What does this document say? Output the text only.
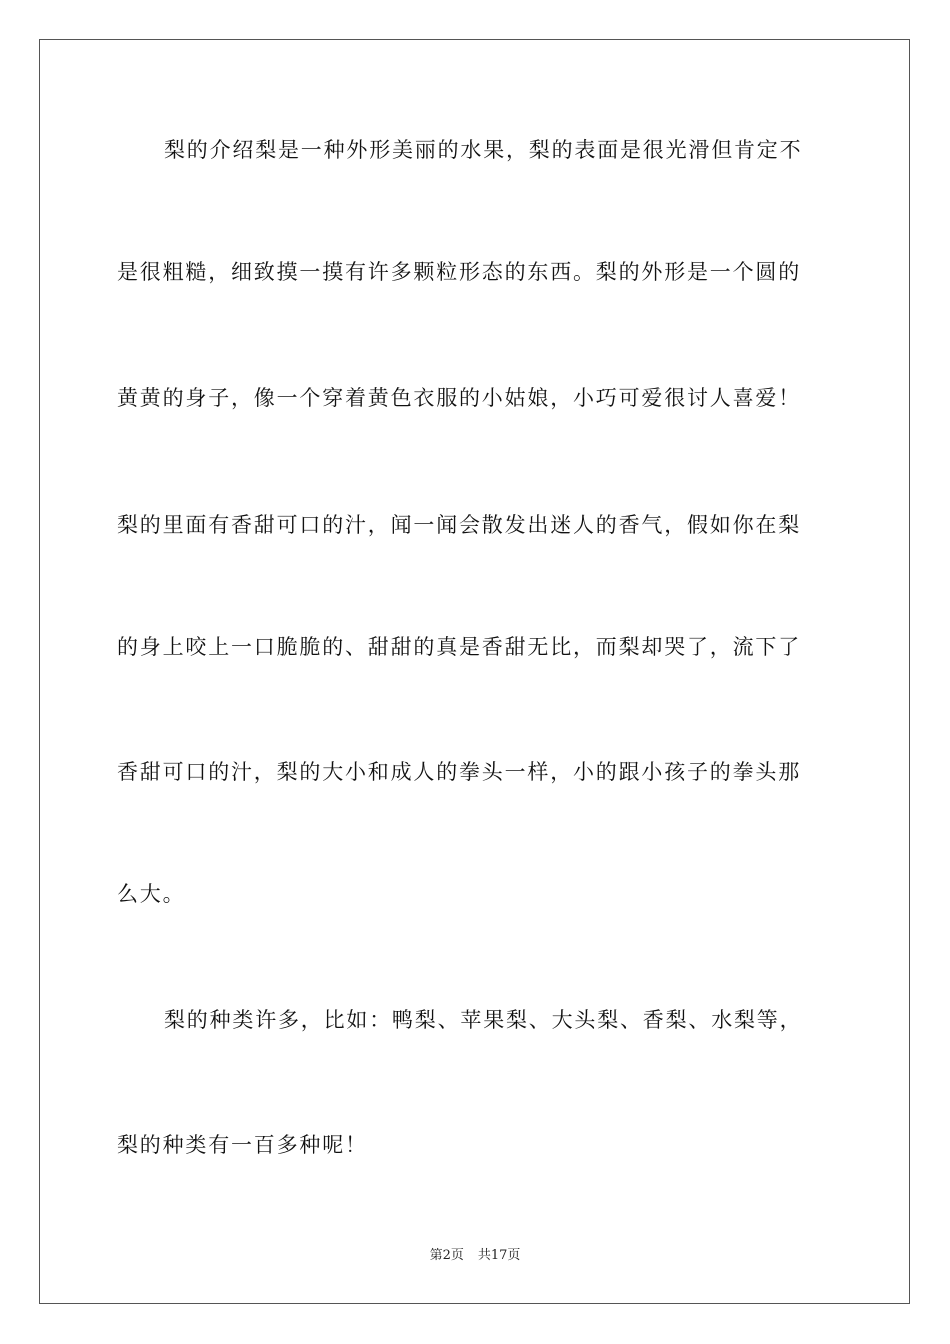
梨的介绍梨是一种外形美丽的水果，梨的表面是很光滑但肯定不
是很粗糙，细致摸一摸有许多颗粒形态的东西。梨的外形是一个圆的
黄黄的身子，像一个穿着黄色衣服的小姑娘，小巧可爱很讨人喜爱！
梨的里面有香甜可口的汁，闻一闻会散发出迷人的香气，假如你在梨
的身上咬上一口脆脆的、甜甜的真是香甜无比，而梨却哭了，流下了
香甜可口的汁，梨的大小和成人的拳头一样，小的跟小孩子的拳头那
么大。
梨的种类许多，比如：鸭梨、苹果梨、大头梨、香梨、水梨等，
梨的种类有一百多种呢！
第2页 共17页
